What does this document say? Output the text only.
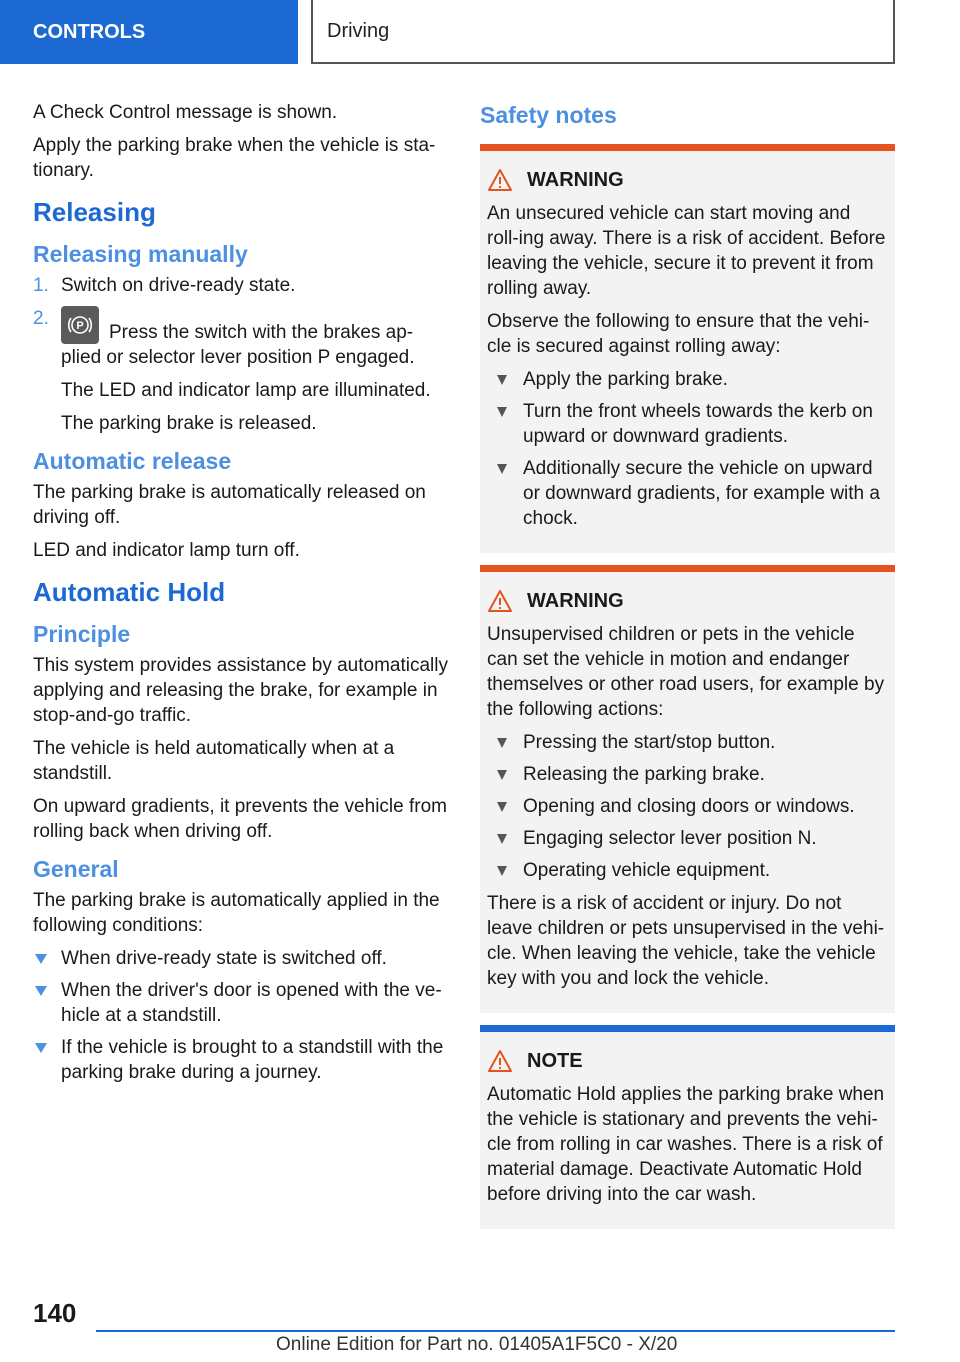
CONTROLS	Driving

A Check Control message is shown.

Apply the parking brake when the vehicle is sta‐tionary.

Releasing
Releasing manually
1. Switch on drive-ready state.
2. P Press the switch with the brakes ap‐plied or selector lever position P engaged.

The LED and indicator lamp are illuminated.

The parking brake is released.

Automatic release

The parking brake is automatically released on driving off.

LED and indicator lamp turn off.

Automatic Hold
Principle

This system provides assistance by automatically applying and releasing the brake, for example in stop-and-go traffic.

The vehicle is held automatically when at a standstill.

On upward gradients, it prevents the vehicle from rolling back when driving off.

General

The parking brake is automatically applied in the following conditions:

When drive-ready state is switched off.
When the driver's door is opened with the ve‐hicle at a standstill.
If the vehicle is brought to a standstill with the parking brake during a journey.
Safety notes
WARNING

An unsecured vehicle can start moving and roll‐ing away. There is a risk of accident. Before leaving the vehicle, secure it to prevent it from rolling away.

Observe the following to ensure that the vehi‐cle is secured against rolling away:

Apply the parking brake.
Turn the front wheels towards the kerb on upward or downward gradients.
Additionally secure the vehicle on upward or downward gradients, for example with a chock.
WARNING

Unsupervised children or pets in the vehicle can set the vehicle in motion and endanger themselves or other road users, for example by the following actions:

Pressing the start/stop button.
Releasing the parking brake.
Opening and closing doors or windows.
Engaging selector lever position N.
Operating vehicle equipment.

There is a risk of accident or injury. Do not leave children or pets unsupervised in the vehi‐cle. When leaving the vehicle, take the vehicle key with you and lock the vehicle.

NOTE

Automatic Hold applies the parking brake when the vehicle is stationary and prevents the vehi‐cle from rolling in car washes. There is a risk of material damage. Deactivate Automatic Hold before driving into the car wash.

140
Online Edition for Part no. 01405A1F5C0 - X/20
